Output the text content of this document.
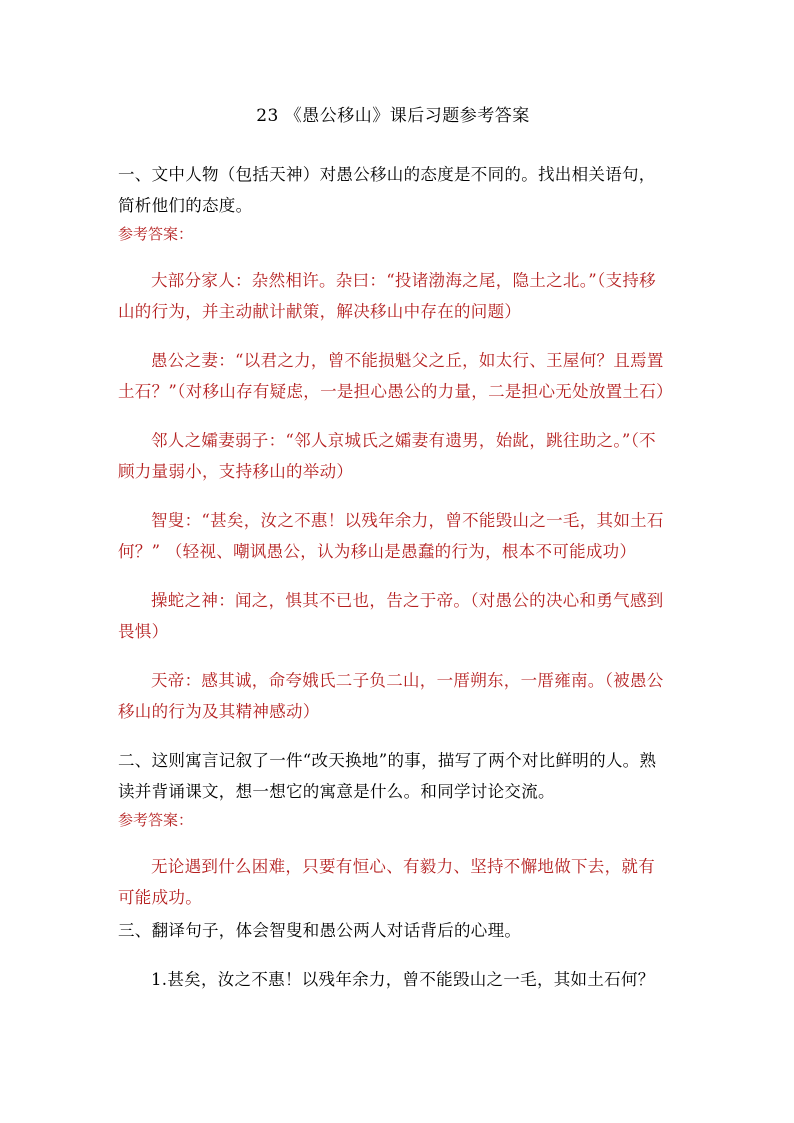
23 《愚公移山》课后习题参考答案

一、文中人物（包括天神）对愚公移山的态度是不同的。找出相关语句，简析他们的态度。

参考答案：

大部分家人：杂然相许。杂曰：“投诸渤海之尾，隐土之北。”（支持移山的行为，并主动献计献策，解决移山中存在的问题）

愚公之妻：“以君之力，曾不能损魁父之丘，如太行、王屋何？且焉置土石？”（对移山存有疑虑，一是担心愚公的力量，二是担心无处放置土石）

邻人之孀妻弱子：“邻人京城氏之孀妻有遗男，始龀，跳往助之。”（不顾力量弱小，支持移山的举动）

智叟：“甚矣，汝之不惠！以残年余力，曾不能毁山之一毛，其如土石何？” （轻视、嘲讽愚公，认为移山是愚蠢的行为，根本不可能成功）

操蛇之神：闻之，惧其不已也，告之于帝。（对愚公的决心和勇气感到畏惧）

天帝：感其诚，命夸娥氏二子负二山，一厝朔东，一厝雍南。（被愚公移山的行为及其精神感动）

二、这则寓言记叙了一件“改天换地”的事，描写了两个对比鲜明的人。熟读并背诵课文，想一想它的寓意是什么。和同学讨论交流。

参考答案：

无论遇到什么困难，只要有恒心、有毅力、坚持不懈地做下去，就有可能成功。

三、翻译句子，体会智叟和愚公两人对话背后的心理。

1.甚矣，汝之不惠！以残年余力，曾不能毁山之一毛，其如土石何？
